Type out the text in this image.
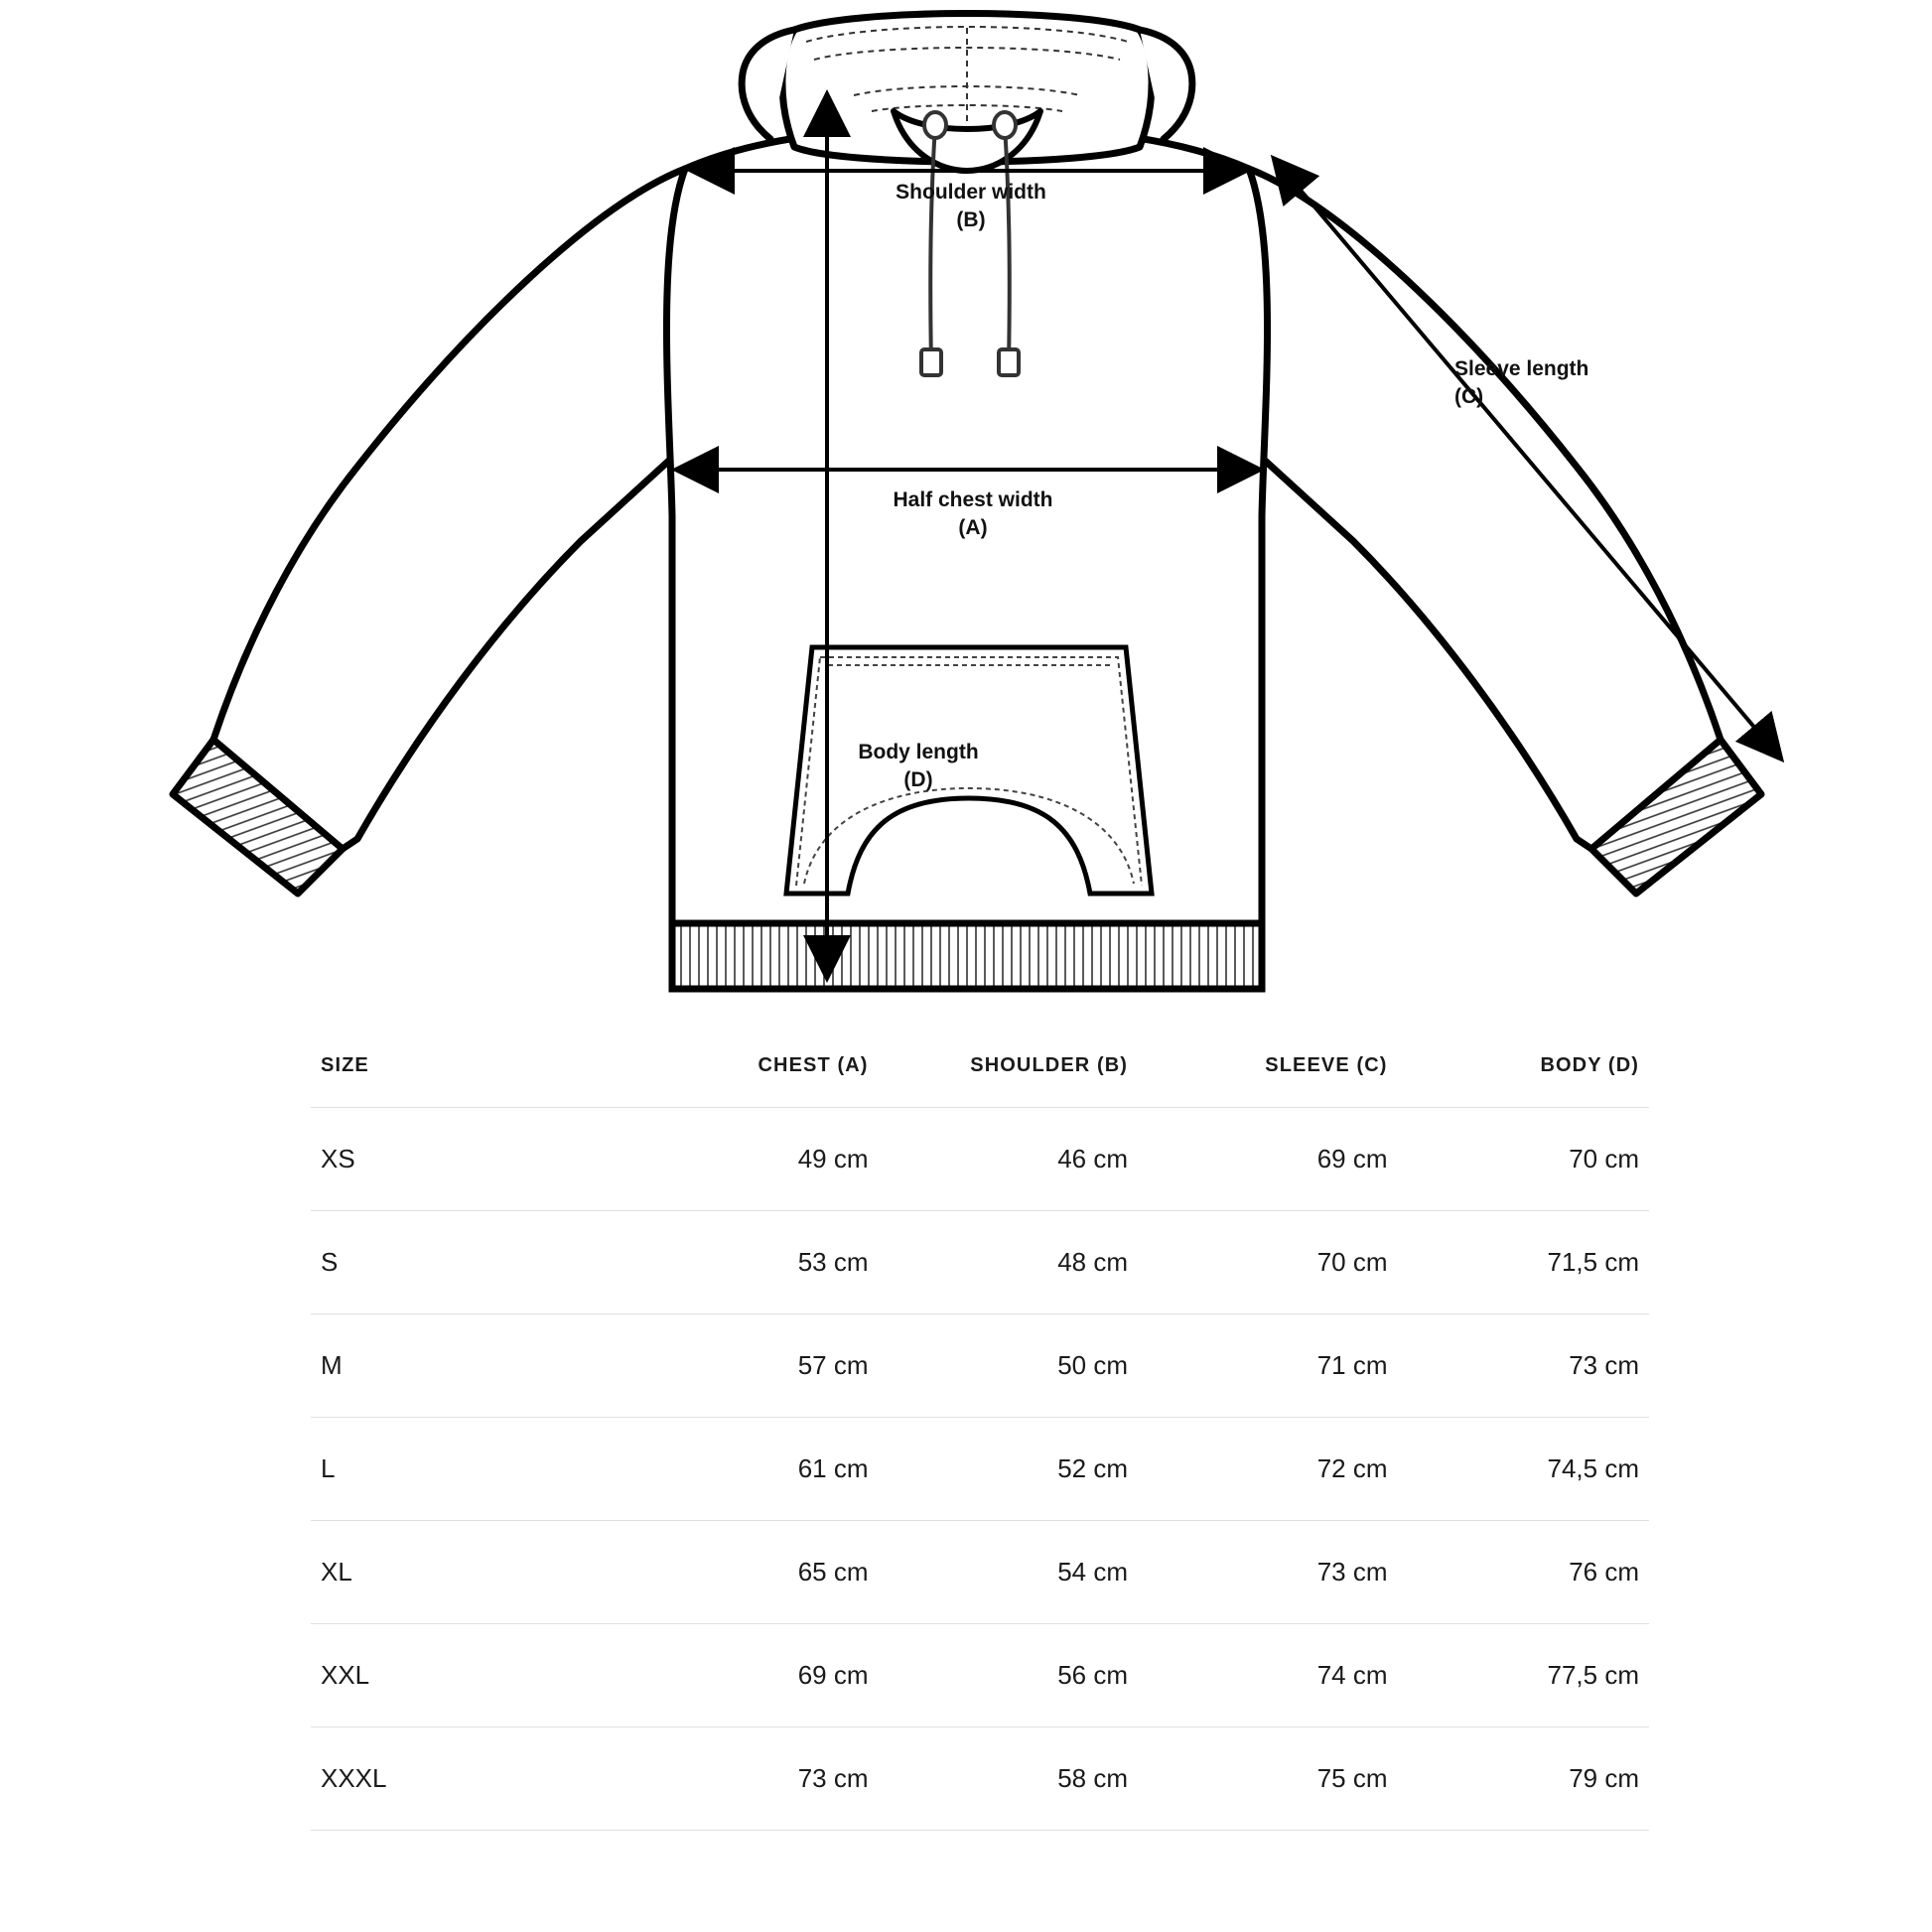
Shoulder width
(B)
Half chest width
(A)
Sleeve length
(C)
Body length
(D)
SIZE	CHEST (A)	SHOULDER (B)	SLEEVE (C)	BODY (D)
XS	49 cm	46 cm	69 cm	70 cm
S	53 cm	48 cm	70 cm	71,5 cm
M	57 cm	50 cm	71 cm	73 cm
L	61 cm	52 cm	72 cm	74,5 cm
XL	65 cm	54 cm	73 cm	76 cm
XXL	69 cm	56 cm	74 cm	77,5 cm
XXXL	73 cm	58 cm	75 cm	79 cm
